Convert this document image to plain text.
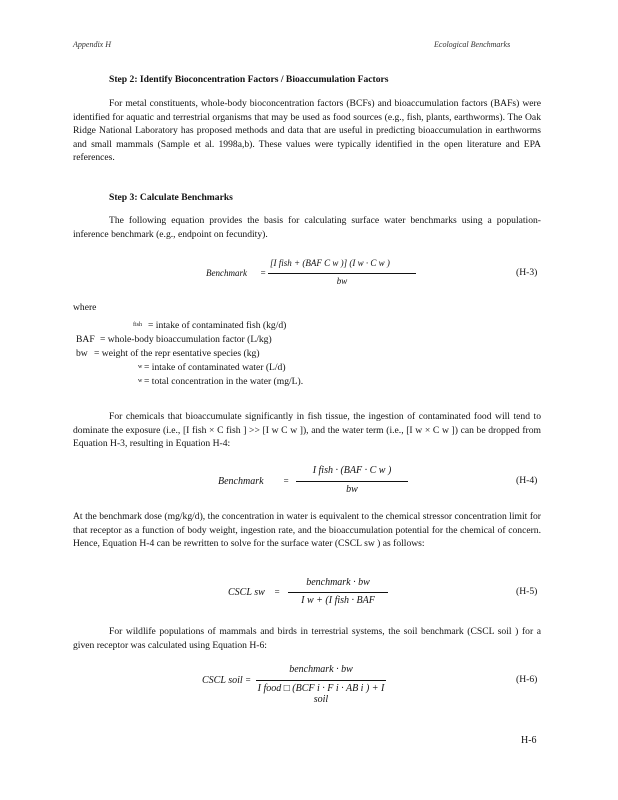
Appendix H	Ecological Benchmarks
Step 2: Identify Bioconcentration Factors / Bioaccumulation Factors
For metal constituents, whole-body bioconcentration factors (BCFs) and bioaccumulation factors (BAFs) were identified for aquatic and terrestrial organisms that may be used as food sources (e.g., fish, plants, earthworms). The Oak Ridge National Laboratory has proposed methods and data that are useful in predicting bioaccumulation in earthworms and small mammals (Sample et al. 1998a,b). These values were typically identified in the open literature and EPA references.
Step 3: Calculate Benchmarks
The following equation provides the basis for calculating surface water benchmarks using a population-inference benchmark (e.g., endpoint on fecundity).
Benchmark =
[I fish + (BAF C w )] (I w · C w )
bw
(H-3)
where
fish = intake of contaminated fish (kg/d)
BAF = whole-body bioaccumulation factor (L/kg)
bw = weight of the repr esentative species (kg)
w = intake of contaminated water (L/d)
w = total concentration in the water (mg/L).
For chemicals that bioaccumulate significantly in fish tissue, the ingestion of contaminated food will tend to dominate the exposure (i.e., [I fish × C fish ] >> [I w C w ]), and the water term (i.e., [I w × C w ]) can be dropped from Equation H-3, resulting in Equation H-4:
Benchmark =
I fish · (BAF · C w )
bw
(H-4)
At the benchmark dose (mg/kg/d), the concentration in water is equivalent to the chemical stressor concentration limit for that receptor as a function of body weight, ingestion rate, and the bioaccumulation potential for the chemical of concern. Hence, Equation H-4 can be rewritten to solve for the surface water (CSCL sw ) as follows:
CSCL sw =
benchmark · bw
I w + (I fish · BAF
(H-5)
For wildlife populations of mammals and birds in terrestrial systems, the soil benchmark (CSCL soil ) for a given receptor was calculated using Equation H-6:
CSCL soil =
benchmark · bw
I food □ (BCF i · F i · AB i ) + I soil
(H-6)
H-6
